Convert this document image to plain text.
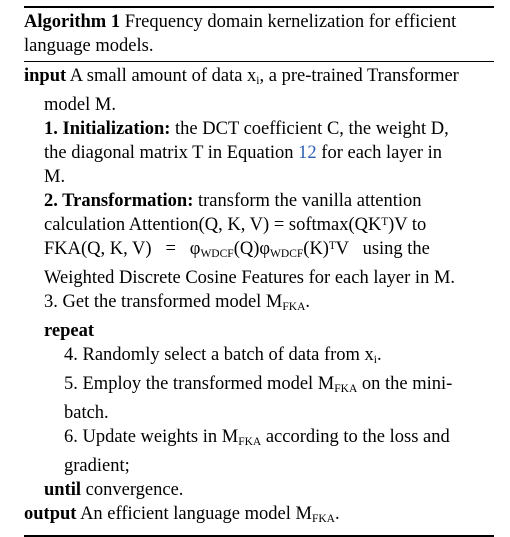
Algorithm 1 Frequency domain kernelization for efficient
language models.
input A small amount of data $x_i$, a pre-trained Transformer
model M.
1. Initialization: the DCT coefficient C, the weight D,
the diagonal matrix T in Equation 12 for each layer in
M.
2. Transformation: transform the vanilla attention
calculation Attention(Q, K, V) = softmax(QKᵀ)V to
FKA(Q, K, $V) = \varphi_{WDCF}(Q)\varphi_{WDCF}(K)ᵀV$ using the
Weighted Discrete Cosine Features for each layer in M.
3. Get the transformed model $M_{FKA}$.
repeat
4. Randomly select a batch of data from $x_i$.
5. Employ the transformed model $M_{FKA}$ on the mini-
batch.
6. Update weights in $M_{FKA}$ according to the loss and
gradient;
until convergence.
output An efficient language model $M_{FKA}$.
